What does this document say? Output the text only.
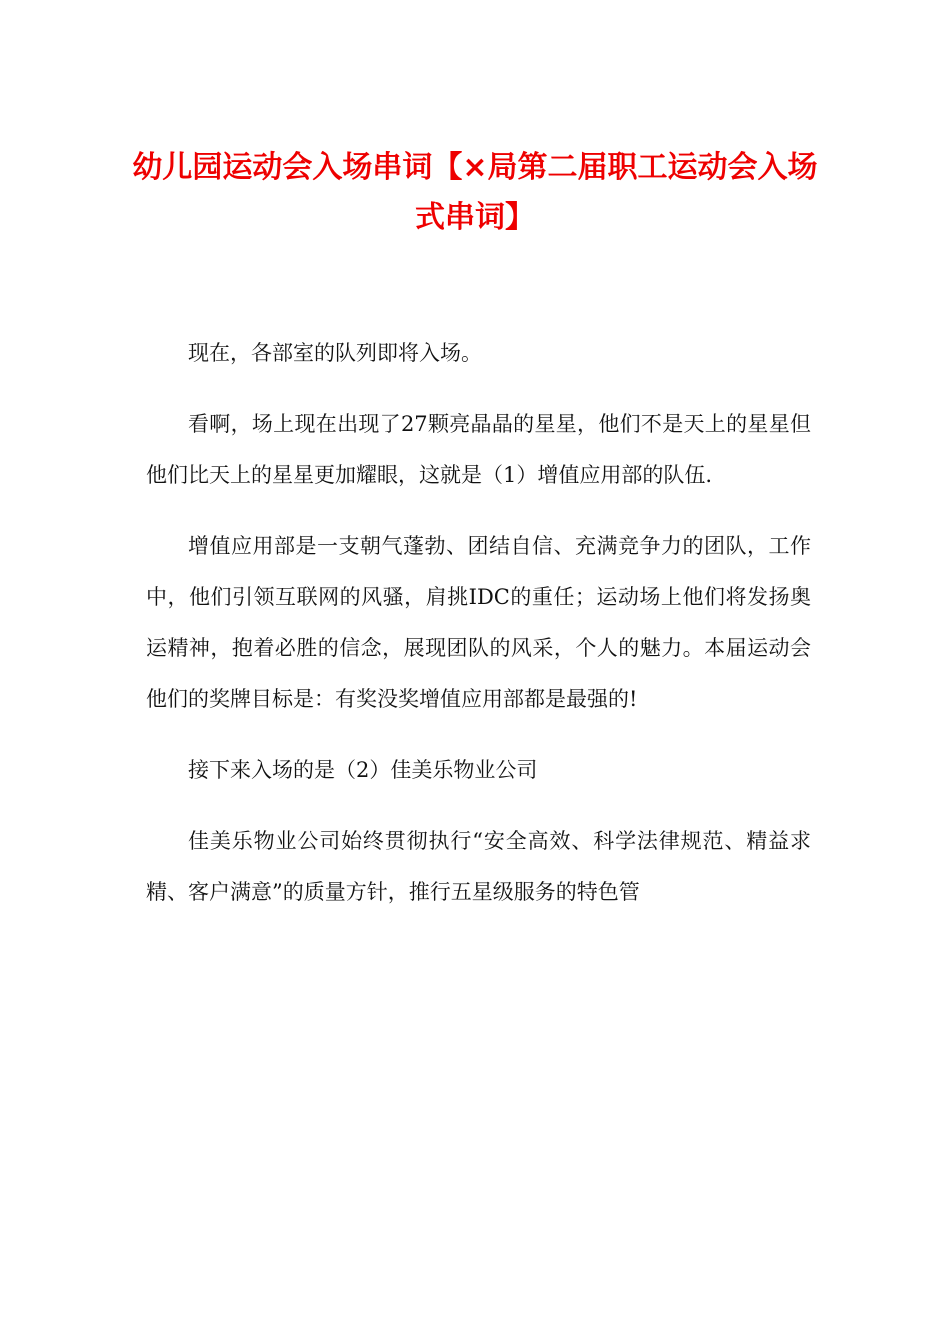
幼儿园运动会入场串词【×局第二届职工运动会入场式串词】

现在，各部室的队列即将入场。

看啊，场上现在出现了27颗亮晶晶的星星，他们不是天上的星星但他们比天上的星星更加耀眼，这就是（1）增值应用部的队伍.

增值应用部是一支朝气蓬勃、团结自信、充满竞争力的团队，工作中，他们引领互联网的风骚，肩挑IDC的重任；运动场上他们将发扬奥运精神，抱着必胜的信念，展现团队的风采，个人的魅力。本届运动会他们的奖牌目标是：有奖没奖增值应用部都是最强的!

接下来入场的是（2）佳美乐物业公司

佳美乐物业公司始终贯彻执行“安全高效、科学法律规范、精益求精、客户满意”的质量方针，推行五星级服务的特色管
